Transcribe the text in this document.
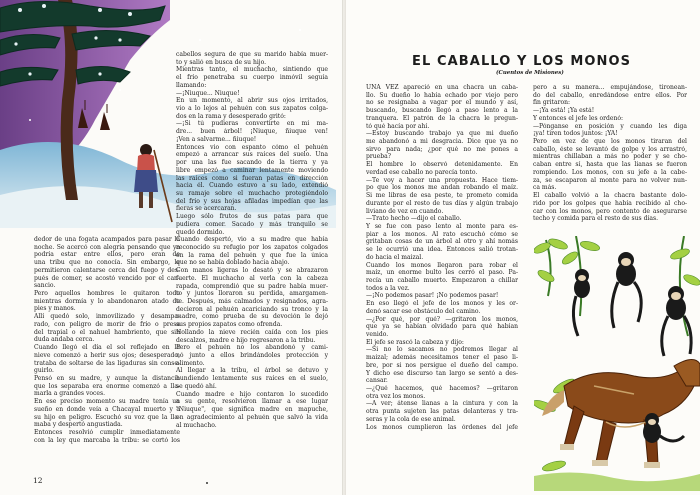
dedor de una fogata acampados para pasar la
noche. Se acercó con alegría pensando que ya
podría estar entre ellos, pero eran de
una tribu que no conocía. Sin embargo, le
permitieron calentarse cerca del fuego y des-
pués de comer, se acostó vencido por el can-
sancio.
Pero aquellos hombres le quitaron todo
mientras dormía y lo abandonaron atado de
pies y manos.
Allí quedó solo, inmovilizado y desampa-
rado, con peligro de morir de frío o presa
del trapial o el nahuel hambriento, que sin
duda andaba cerca.
Cuando llegó el día el sol reflejado en la
nieve comenzó a herir sus ojos; desesperado,
trataba de soltarse de las ligaduras sin conse-
guirlo.
Pensó en su madre, y aunque la distancia
que los separaba era enorme comenzó a lla-
marla a grandes voces.
En ese preciso momento su madre tenía un
sueño en donde veía a Chacayal muerto y a
su hijo en peligro. Escuchó su voz que la lla-
maba y despertó angustiada.
Entonces resolvió cumplir inmediatamente
con la ley que marcaba la tribu: se cortó los
cabellos segura de que su marido había muer-
to y salió en busca de su hijo.
Mientras tanto, el muchacho, sintiendo que
el frío penetraba su cuerpo inmóvil seguía
llamando:
—¡Ñiuque... Ñiuque!
En un momento, al abrir sus ojos irritados,
vio a lo lejos al pehuén con sus zapatos colga-
dos en la rama y desesperado gritó:
—¡Si tú pudieras convertirte en mi ma-
dre... buen árbol! ¡Ñiuque, ñiuque ven!
¡Ven a salvarme... ñiuque!
Entonces vio con espanto cómo el pehuén
empezó a arrancar sus raíces del suelo. Una
por una las fue sacando de la tierra y ya
libre empezó a caminar lentamente moviendo
las raíces como si fueran patas en dirección
hacia él. Cuando estuvo a su lado, extendió
su ramaje sobre el muchacho protegiéndolo
del frío y sus hojas afiladas impedían que las
fieras se acercaran.
Luego sólo frutos de sus patas para que
pudiera comer. Sacado y más tranquilo se
quedó dormido.
Cuando despertó, vio a su madre que había
reconocido su refugio por los zapatos colgados
en la rama del pehuén y que fue la única
que no se había doblado hacia abajo.
Con manos ligeras lo desató y se abrazaron
fuerte. El muchacho al verla con la cabeza
rapada, comprendió que su padre había muer-
to y juntos lloraron su perdida, amargamen-
te. Después, más calmados y resignados, agra-
decieron al pehuén acariciando su tronco y la
madre, como prueba de su devoción le dejó
sus propios zapatos como ofrenda.
Hollando la nieve recién caída con los pies
descalzos, madre e hijo regresaron a la tribu.
Pero el pehuén no los abandonó y cami-
nó junto a ellos brindándoles protección y
alimento.
Al llegar a la tribu, el árbol se detuvo y
hundiendo lentamente sus raíces en el suelo,
se quedó ahí.
Cuando madre e hijo contaron lo sucedido
a su gente, resolvieron llamar a ese lugar
"Ñiuque", que significa madre en mapuche,
en agradecimiento al pehuén que salvó la vida
al muchacho.
12
EL CABALLO Y LOS MONOS
(Cuentos de Misiones)
UNA VEZ apareció en una chacra un caba-
llo. Su dueño lo había echado por viejo pero
no se resignaba a vagar por el mundo y así,
buscando, buscando llegó a paso lento a la
tranquera. El patrón de la chacra le pregun-
tó qué hacía por ahí.
—Estoy buscando trabajo ya que mi dueño
me abandonó a mi desgracia. Dice que ya no
sirvo para nada; ¿por qué no me pones a
prueba?
El hombre lo observó detenidamente. En
verdad ese caballo no parecía tonto.
—Te voy a hacer una propuesta. Hace tiem-
po que los monos me andan robando el maíz.
Si me libras de esa peste, te prometo comida
durante por el resto de tus días y algún trabajo
liviano de vez en cuando.
—Trato hecho —dijo el caballo.
Y se fue con paso lento al monte para es-
piar a los monos. Al rato escuchó cómo se
gritaban cosas de un árbol al otro y ahí nomás
se le ocurrió una idea. Entonces salió trotan-
do hacia el maizal.
Cuando los monos llegaron para robar el
maíz, un enorme bulto les cerró el paso. Pa-
recía un caballo muerto. Empezaron a chillar
todos a la vez.
—¡No podemos pasar! ¡No podemos pasar!
En eso llegó el jefe de los monos y les or-
denó sacar ese obstáculo del camino.
—¿Por qué, por qué? —gritaron los monos,
que ya se habían olvidado para qué habían
venido.
El jefe se rascó la cabeza y dijo:
—Si no lo sacamos no podremos llegar al
maizal; además necesitamos tener el paso li-
bre, por si nos persigue el dueño del campo.
Y dicho ese discurso tan largo se sentó a des-
cansar.
—¿Qué hacemos, qué hacemos? —gritaron
otra vez los monos.
—A ver; átense lianas a la cintura y con la
otra punta sujeten las patas delanteras y tra-
seras y la cola de ese animal.
Los monos cumplieron las órdenes del jefe
pero a su manera... empujándose, tironean-
do del caballo, enredándose entre ellos. Por
fin gritaron:
—¡Ya está! ¡Ya está!
Y entonces el jefe les ordenó:
—Pónganse en posición y cuando les diga
¡ya! tiren todos juntos: ¡YA!
Pero en vez de que los monos tiraran del
caballo, éste se levantó de golpe y los arrastró,
mientras chillaban a más no poder y se cho-
caban entre sí, hasta que las lianas se fueron
rompiendo. Los monos, con su jefe a la cabe-
za, se escaparon al monte para no volver nun-
ca más.
El caballo volvió a la chacra bastante dolo-
rido por los golpes que había recibido al cho-
car con los monos, pero contento de asegurarse
techo y comida para el resto de sus días.
